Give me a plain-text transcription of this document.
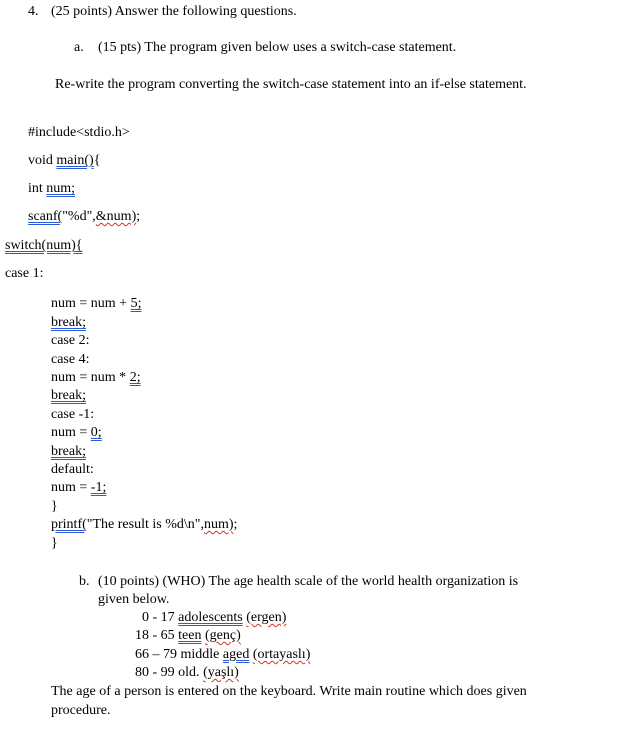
4. (25 points) Answer the following questions.
a. (15 pts) The program given below uses a switch-case statement.
Re-write the program converting the switch-case statement into an if-else statement.
#include<stdio.h>
void main(){
int num;
scanf("%d",&num);
switch(num){
case 1:
num = num + 5;
break;
case 2:
case 4:
num = num * 2;
break;
case -1:
num = 0;
break;
default:
num = -1;
}
printf("The result is %d\n",num);
}
b. (10 points) (WHO) The age health scale of the world health organization is
given below.
0 - 17 adolescents (ergen)
18 - 65 teen (genç)
66 – 79 middle aged (ortayaslı)
80 - 99 old. (yaşlı)
The age of a person is entered on the keyboard. Write main routine which does given
procedure.
